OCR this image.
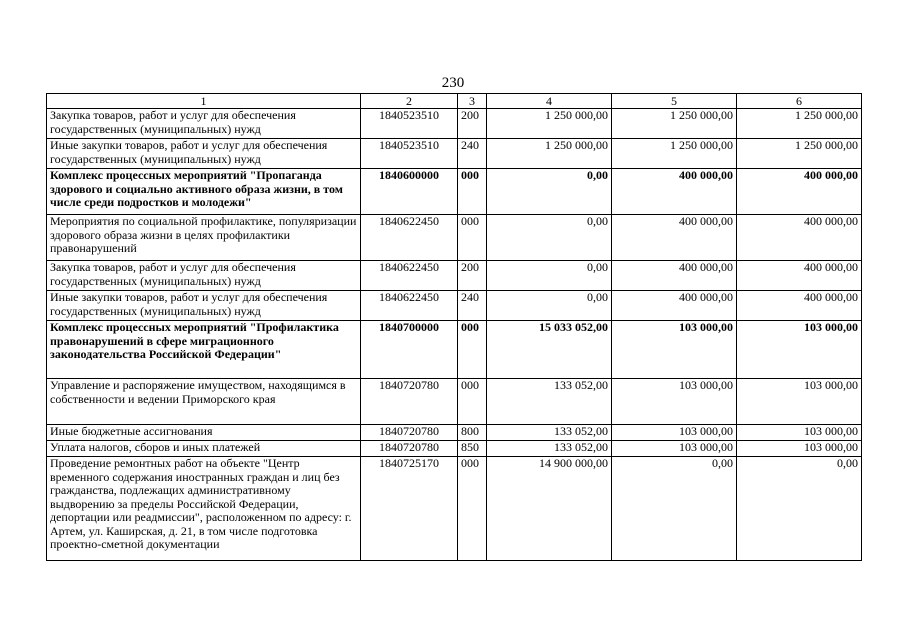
230
1	2	3	4	5	6
Закупка товаров, работ и услуг для обеспечения государственных (муниципальных) нужд	1840523510	200	1 250 000,00	1 250 000,00	1 250 000,00
Иные закупки товаров, работ и услуг для обеспечения государственных (муниципальных) нужд	1840523510	240	1 250 000,00	1 250 000,00	1 250 000,00
Комплекс процессных мероприятий "Пропаганда здорового и социально активного образа жизни, в том числе среди подростков и молодежи"	1840600000	000	0,00	400 000,00	400 000,00
Мероприятия по социальной профилактике, популяризации здорового образа жизни в целях профилактики правонарушений	1840622450	000	0,00	400 000,00	400 000,00
Закупка товаров, работ и услуг для обеспечения государственных (муниципальных) нужд	1840622450	200	0,00	400 000,00	400 000,00
Иные закупки товаров, работ и услуг для обеспечения государственных (муниципальных) нужд	1840622450	240	0,00	400 000,00	400 000,00
Комплекс процессных мероприятий "Профилактика правонарушений в сфере миграционного законодательства Российской Федерации"	1840700000	000	15 033 052,00	103 000,00	103 000,00
Управление и распоряжение имуществом, находящимся в собственности и ведении Приморского края	1840720780	000	133 052,00	103 000,00	103 000,00
Иные бюджетные ассигнования	1840720780	800	133 052,00	103 000,00	103 000,00
Уплата налогов, сборов и иных платежей	1840720780	850	133 052,00	103 000,00	103 000,00
Проведение ремонтных работ на объекте "Центр временного содержания иностранных граждан и лиц без гражданства, подлежащих административному выдворению за пределы Российской Федерации, депортации или реадмиссии", расположенном по адресу: г. Артем, ул. Каширская, д. 21, в том числе подготовка проектно-сметной документации	1840725170	000	14 900 000,00	0,00	0,00
